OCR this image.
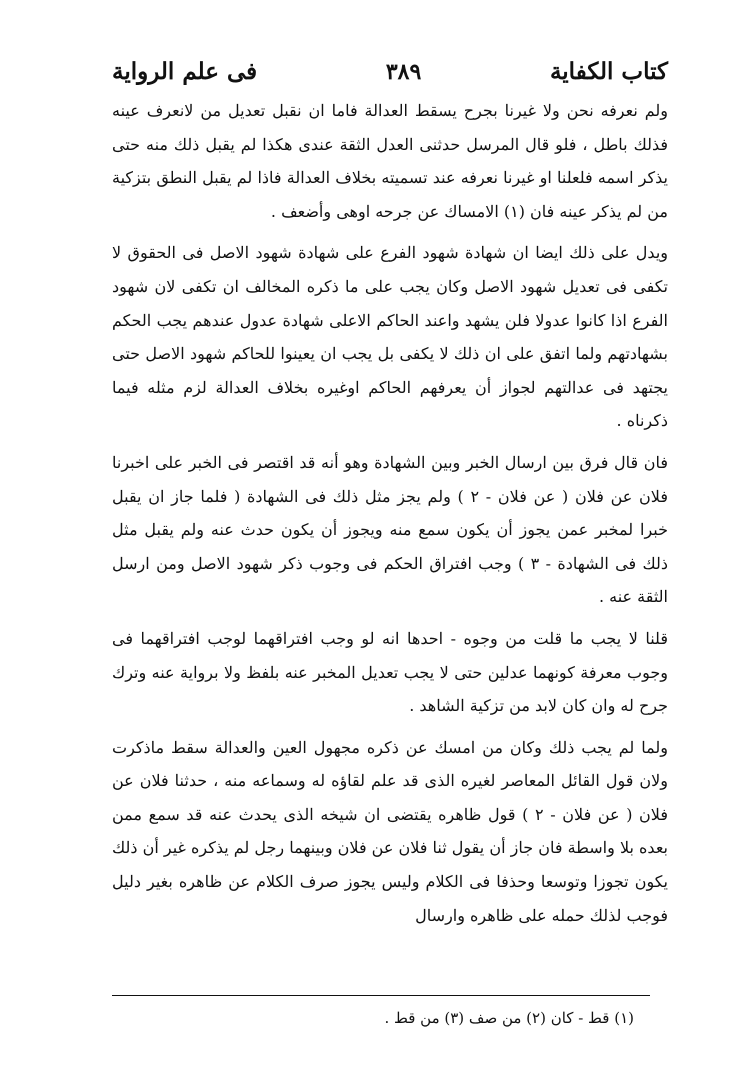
كتاب الكفاية
٣٨٩
فى علم الرواية

ولم نعرفه نحن ولا غيرنا بجرح يسقط العدالة فاما ان نقبل تعديل من لانعرف عينه فذلك باطل ، فلو قال المرسل حدثنى العدل الثقة عندى هكذا لم يقبل ذلك منه حتى يذكر اسمه فلعلنا او غيرنا نعرفه عند تسميته بخلاف العدالة فاذا لم يقبل النطق بتزكية من لم يذكر عينه فان (١) الامساك عن جرحه اوهى وأضعف .

ويدل على ذلك ايضا ان شهادة شهود الفرع على شهادة شهود الاصل فى الحقوق لا تكفى فى تعديل شهود الاصل وكان يجب على ما ذكره المخالف ان تكفى لان شهود الفرع اذا كانوا عدولا فلن يشهد واعند الحاكم الاعلى شهادة عدول عندهم يجب الحكم بشهادتهم ولما اتفق على ان ذلك لا يكفى بل يجب ان يعينوا للحاكم شهود الاصل حتى يجتهد فى عدالتهم لجواز أن يعرفهم الحاكم اوغيره بخلاف العدالة لزم مثله فيما ذكرناه .

فان قال فرق بين ارسال الخبر وبين الشهادة وهو أنه قد اقتصر فى الخبر على اخبرنا فلان عن فلان ( عن فلان - ٢ ) ولم يجز مثل ذلك فى الشهادة ( فلما جاز ان يقبل خبرا لمخبر عمن يجوز أن يكون سمع منه ويجوز أن يكون حدث عنه ولم يقبل مثل ذلك فى الشهادة - ٣ ) وجب افتراق الحكم فى وجوب ذكر شهود الاصل ومن ارسل الثقة عنه .

قلنا لا يجب ما قلت من وجوه - احدها انه لو وجب افتراقهما لوجب افتراقهما فى وجوب معرفة كونهما عدلين حتى لا يجب تعديل المخبر عنه بلفظ ولا برواية عنه وترك جرح له وان كان لابد من تزكية الشاهد .

ولما لم يجب ذلك وكان من امسك عن ذكره مجهول العين والعدالة سقط ماذكرت ولان قول القائل المعاصر لغيره الذى قد علم لقاؤه له وسماعه منه ، حدثنا فلان عن فلان ( عن فلان - ٢ ) قول ظاهره يقتضى ان شيخه الذى يحدث عنه قد سمع ممن بعده بلا واسطة فان جاز أن يقول ثنا فلان عن فلان وبينهما رجل لم يذكره غير أن ذلك يكون تجوزا وتوسعا وحذفا فى الكلام وليس يجوز صرف الكلام عن ظاهره بغير دليل فوجب لذلك حمله على ظاهره وارسال

(١) قط - كان (٢) من صف (٣) من قط .
